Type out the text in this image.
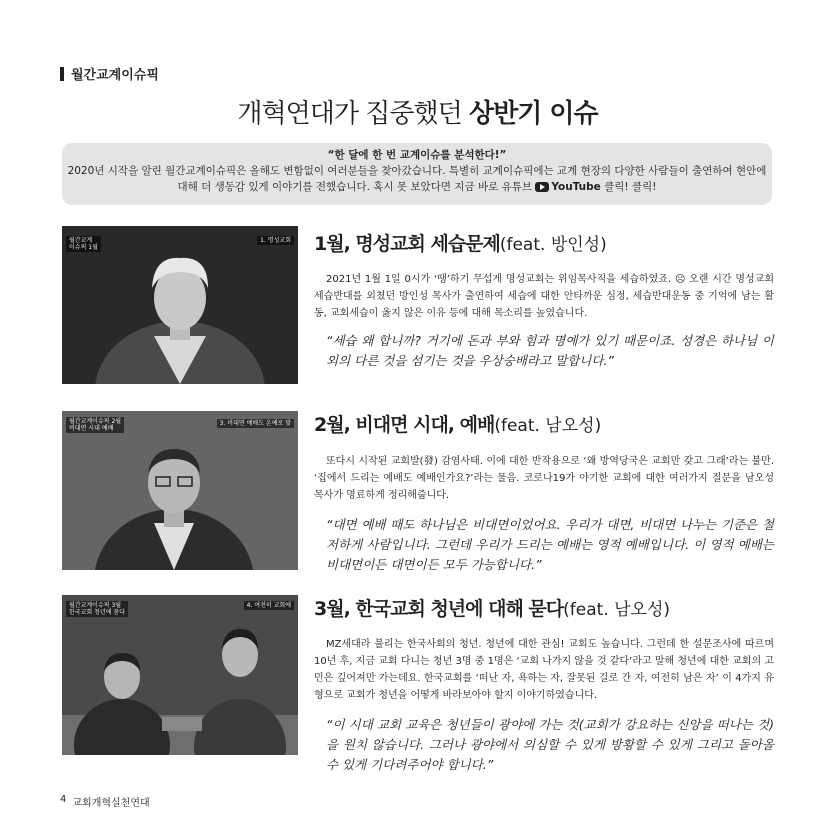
월간교계이슈픽
개혁연대가 집중했던 상반기 이슈
“한 달에 한 번 교계이슈를 분석한다!”
2020년 시작을 알린 월간교계이슈픽은 올해도 변함없이 여러분들을 찾아갔습니다. 특별히 교계이슈픽에는 교계 현장의 다양한 사람들이 출연하여 현안에
대해 더 생동감 있게 이야기를 전했습니다. 혹시 못 보았다면 지금 바로 유튜브 YouTube 클릭! 클릭!
월간교계
이슈픽 1월
1. 명성교회 1월, 명성교회 세습문제(feat. 방인성)
2021년 1월 1일 0시가 ‘땡’하기 무섭게 명성교회는 위임목사직을 세습하였죠. ☹ 오랜 시간 명성교회 세습반대를 외쳤던 방인성 목사가 출연하여 세습에 대한 안타까운 심정, 세습반대운동 중 기억에 남는 활동, 교회세습이 옳지 않은 이유 등에 대해 목소리를 높였습니다.
“세습 왜 합니까? 거기에 돈과 부와 힘과 명예가 있기 때문이죠. 성경은 하나님 이외의 다른 것을 섬기는 것을 우상숭배라고 말합니다.”
월간교계이슈픽 2월
비대면 시대 예배
3. 비대면 예배도 온예로 맞 2월, 비대면 시대, 예배(feat. 남오성)
또다시 시작된 교회발(發) 감염사태. 이에 대한 반작용으로 ‘왜 방역당국은 교회만 갖고 그래’라는 불만. ‘집에서 드리는 예배도 예배인가요?’라는 물음. 코로나19가 야기한 교회에 대한 여러가지 질문을 남오성 목사가 명료하게 정리해줍니다.
“대면 예배 때도 하나님은 비대면이었어요. 우리가 대면, 비대면 나누는 기준은 철저하게 사람입니다. 그런데 우리가 드리는 예배는 영적 예배입니다. 이 영적 예배는 비대면이든 대면이든 모두 가능합니다.”
월간교계이슈픽 3월
한국교회 청년에 묻다
4. 여전히 교회에 3월, 한국교회 청년에 대해 묻다(feat. 남오성)
MZ세대라 불리는 한국사회의 청년. 청년에 대한 관심! 교회도 높습니다. 그런데 한 설문조사에 따르며 10년 후, 지금 교회 다니는 청년 3명 중 1명은 ‘교회 나가지 않을 것 같다’라고 말해 청년에 대한 교회의 고민은 깊어져만 가는데요. 한국교회를 ‘떠난 자, 욕하는 자, 잘못된 길로 간 자, 여전히 남은 자’ 이 4가지 유형으로 교회가 청년을 어떻게 바라보아야 할지 이야기하였습니다.
“이 시대 교회 교육은 청년들이 광야에 가는 것(교회가 강요하는 신앙을 떠나는 것)을 원치 않습니다. 그러나 광야에서 의심할 수 있게 방황할 수 있게 그리고 돌아올 수 있게 기다려주어야 합니다.”
4 교회개혁실천연대
